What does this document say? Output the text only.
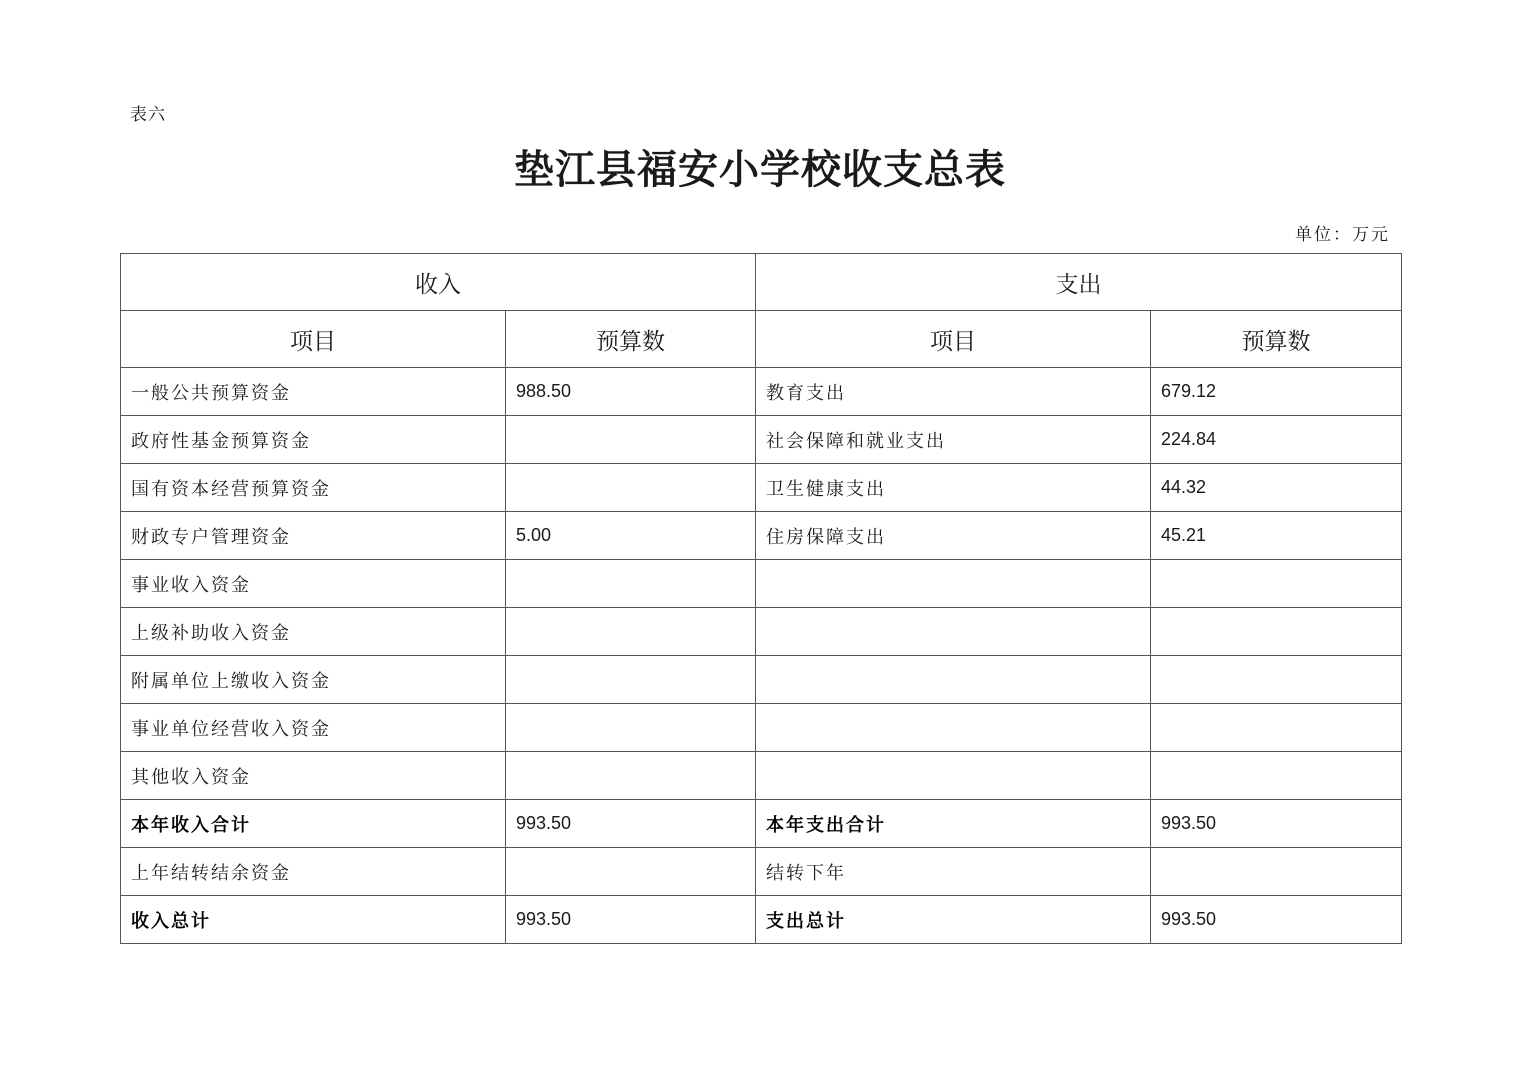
表六
垫江县福安小学校收支总表
单位：万元
收入		支出	
项目	预算数	项目	预算数
一般公共预算资金	988.50	教育支出	679.12
政府性基金预算资金		社会保障和就业支出	224.84
国有资本经营预算资金		卫生健康支出	44.32
财政专户管理资金	5.00	住房保障支出	45.21
事业收入资金			
上级补助收入资金			
附属单位上缴收入资金			
事业单位经营收入资金			
其他收入资金			
本年收入合计	993.50	本年支出合计	993.50
上年结转结余资金		结转下年	
收入总计	993.50	支出总计	993.50
